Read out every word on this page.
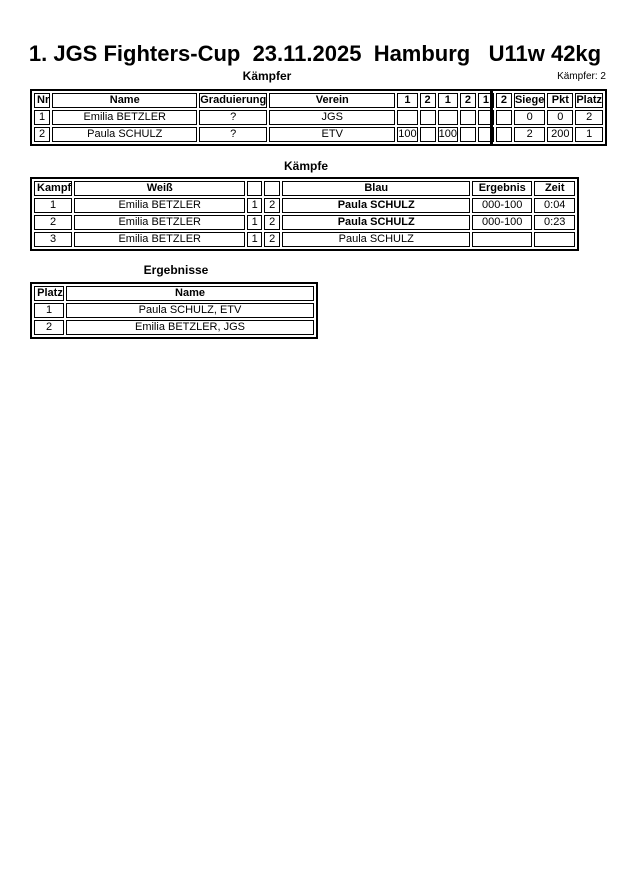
1. JGS Fighters-Cup  23.11.2025  Hamburg   U11w 42kg
Kämpfer	Kämpfer: 2
Nr	Name	Graduierung	Verein	1	2	1	2	1	2	Siege	Pkt	Platz
1	Emilia BETZLER	?	JGS							0	0	2
2	Paula SCHULZ	?	ETV	100		100				2	200	1
Kämpfe
Kampf	Weiß			Blau	Ergebnis	Zeit
1	Emilia BETZLER	1	2	Paula SCHULZ	000-100	0:04
2	Emilia BETZLER	1	2	Paula SCHULZ	000-100	0:23
3	Emilia BETZLER	1	2	Paula SCHULZ		
Ergebnisse
Platz	Name
1	Paula SCHULZ, ETV
2	Emilia BETZLER, JGS
